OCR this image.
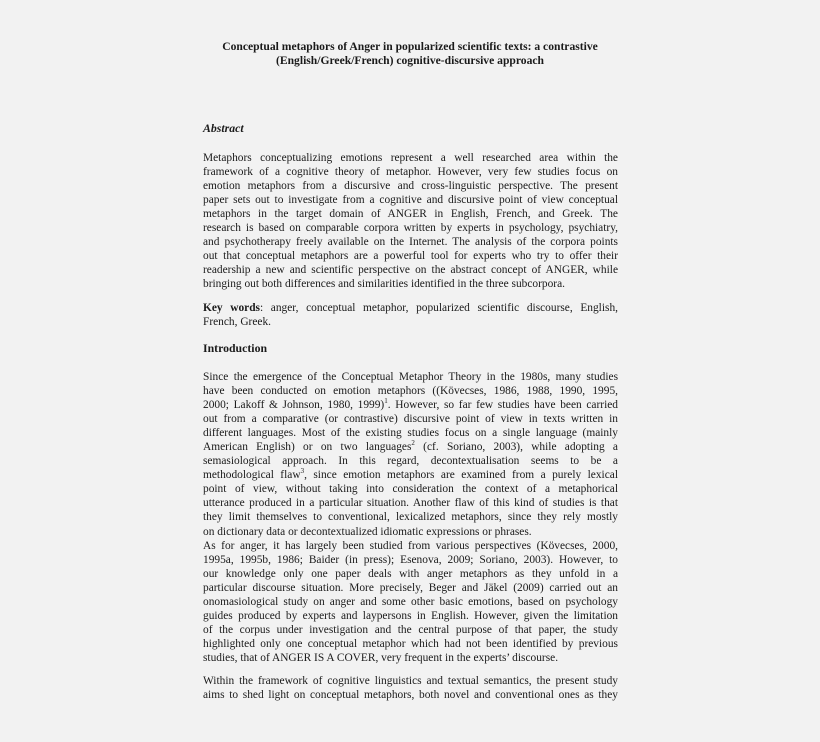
Conceptual metaphors of Anger in popularized scientific texts: a contrastive
(English/Greek/French) cognitive-discursive approach
Abstract
Metaphors conceptualizing emotions represent a well researched area within the
framework of a cognitive theory of metaphor. However, very few studies focus on
emotion metaphors from a discursive and cross-linguistic perspective. The present
paper sets out to investigate from a cognitive and discursive point of view conceptual
metaphors in the target domain of ANGER in English, French, and Greek. The
research is based on comparable corpora written by experts in psychology, psychiatry,
and psychotherapy freely available on the Internet. The analysis of the corpora points
out that conceptual metaphors are a powerful tool for experts who try to offer their
readership a new and scientific perspective on the abstract concept of ANGER, while
bringing out both differences and similarities identified in the three subcorpora.
Key words: anger, conceptual metaphor, popularized scientific discourse, English,
French, Greek.
Introduction
Since the emergence of the Conceptual Metaphor Theory in the 1980s, many studies
have been conducted on emotion metaphors ((Kövecses, 1986, 1988, 1990, 1995,
2000; Lakoff & Johnson, 1980, 1999)$^1$. However, so far few studies have been carried
out from a comparative (or contrastive) discursive point of view in texts written in
different languages. Most of the existing studies focus on a single language (mainly
American English) or on two languages$^2$ (cf. Soriano, 2003), while adopting a
semasiological approach. In this regard, decontextualisation seems to be a
methodological flaw$^3$, since emotion metaphors are examined from a purely lexical
point of view, without taking into consideration the context of a metaphorical
utterance produced in a particular situation. Another flaw of this kind of studies is that
they limit themselves to conventional, lexicalized metaphors, since they rely mostly
on dictionary data or decontextualized idiomatic expressions or phrases.
As for anger, it has largely been studied from various perspectives (Kövecses, 2000,
1995a, 1995b, 1986; Baider (in press); Esenova, 2009; Soriano, 2003). However, to
our knowledge only one paper deals with anger metaphors as they unfold in a
particular discourse situation. More precisely, Beger and Jäkel (2009) carried out an
onomasiological study on anger and some other basic emotions, based on psychology
guides produced by experts and laypersons in English. However, given the limitation
of the corpus under investigation and the central purpose of that paper, the study
highlighted only one conceptual metaphor which had not been identified by previous
studies, that of ANGER IS A COVER, very frequent in the experts’ discourse.
Within the framework of cognitive linguistics and textual semantics, the present study
aims to shed light on conceptual metaphors, both novel and conventional ones as they
